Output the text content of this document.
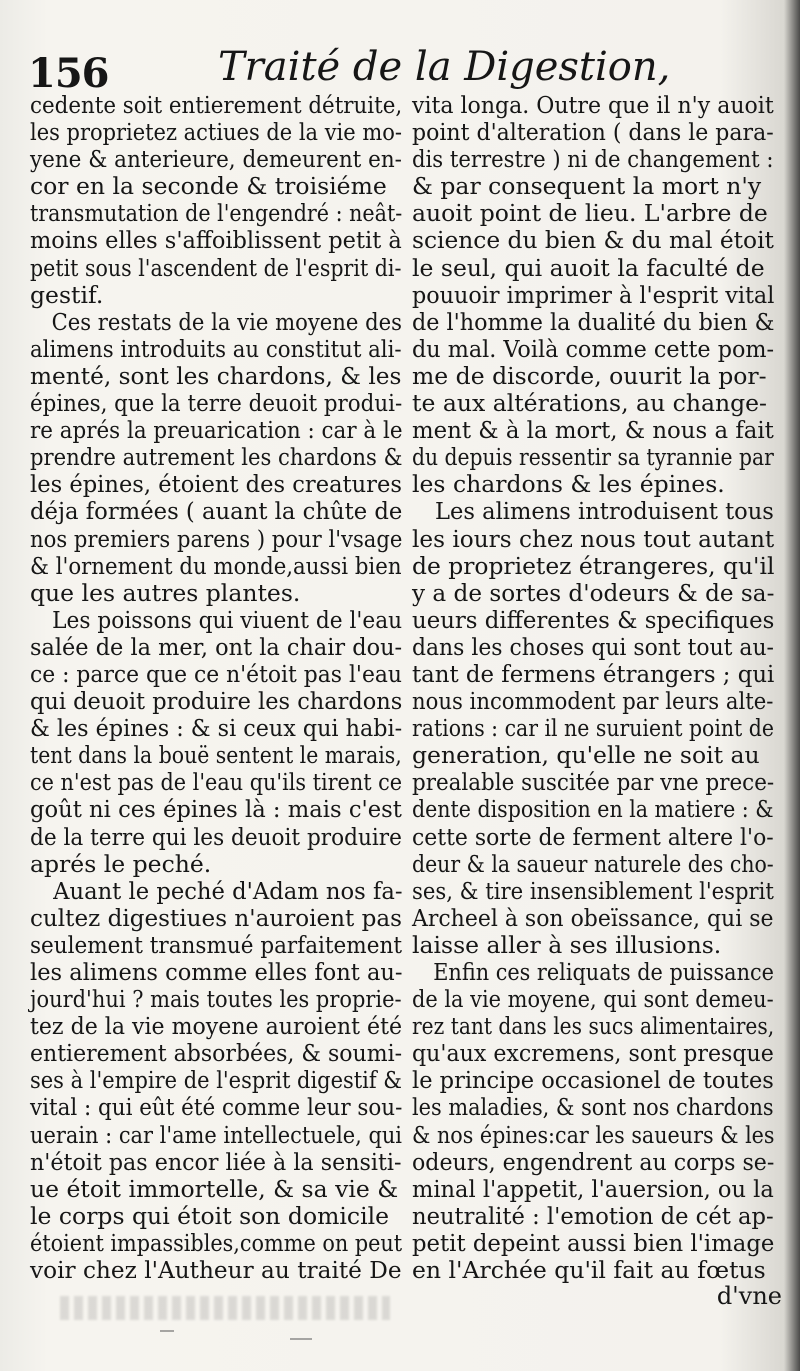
156	Traité de la Digestion,
cedente soit entierement détruite,
les proprietez actiues de la vie mo-
yene & anterieure, demeurent en-
cor en la seconde & troisiéme
transmutation de l'engendré : neât-
moins elles s'affoiblissent petit à
petit sous l'ascendent de l'esprit di-
gestif.
Ces restats de la vie moyene des
alimens introduits au constitut ali-
menté, sont les chardons, & les
épines, que la terre deuoit produi-
re aprés la preuarication : car à le
prendre autrement les chardons &
les épines, étoient des creatures
déja formées ( auant la chûte de
nos premiers parens ) pour l'vsage
& l'ornement du monde,aussi bien
que les autres plantes.
Les poissons qui viuent de l'eau
salée de la mer, ont la chair dou-
ce : parce que ce n'étoit pas l'eau
qui deuoit produire les chardons
& les épines : & si ceux qui habi-
tent dans la bouë sentent le marais,
ce n'est pas de l'eau qu'ils tirent ce
goût ni ces épines là : mais c'est
de la terre qui les deuoit produire
aprés le peché.
Auant le peché d'Adam nos fa-
cultez digestiues n'auroient pas
seulement transmué parfaitement
les alimens comme elles font au-
jourd'hui ? mais toutes les proprie-
tez de la vie moyene auroient été
entierement absorbées, & soumi-
ses à l'empire de l'esprit digestif &
vital : qui eût été comme leur sou-
uerain : car l'ame intellectuele, qui
n'étoit pas encor liée à la sensiti-
ue étoit immortelle, & sa vie &
le corps qui étoit son domicile
étoient impassibles,comme on peut
voir chez l'Autheur au traité De
vita longa. Outre que il n'y auoit
point d'alteration ( dans le para-
dis terrestre ) ni de changement :
& par consequent la mort n'y
auoit point de lieu. L'arbre de
science du bien & du mal étoit
le seul, qui auoit la faculté de
pouuoir imprimer à l'esprit vital
de l'homme la dualité du bien &
du mal. Voilà comme cette pom-
me de discorde, ouurit la por-
te aux altérations, au change-
ment & à la mort, & nous a fait
du depuis ressentir sa tyrannie par
les chardons & les épines.
Les alimens introduisent tous
les iours chez nous tout autant
de proprietez étrangeres, qu'il
y a de sortes d'odeurs & de sa-
ueurs differentes & specifiques
dans les choses qui sont tout au-
tant de fermens étrangers ; qui
nous incommodent par leurs alte-
rations : car il ne suruient point de
generation, qu'elle ne soit au
prealable suscitée par vne prece-
dente disposition en la matiere : &
cette sorte de ferment altere l'o-
deur & la saueur naturele des cho-
ses, & tire insensiblement l'esprit
Archeel à son obeïssance, qui se
laisse aller à ses illusions.
Enfin ces reliquats de puissance
de la vie moyene, qui sont demeu-
rez tant dans les sucs alimentaires,
qu'aux excremens, sont presque
le principe occasionel de toutes
les maladies, & sont nos chardons
& nos épines:car les saueurs & les
odeurs, engendrent au corps se-
minal l'appetit, l'auersion, ou la
neutralité : l'emotion de cét ap-
petit depeint aussi bien l'image
en l'Archée qu'il fait au fœtus
d'vne
